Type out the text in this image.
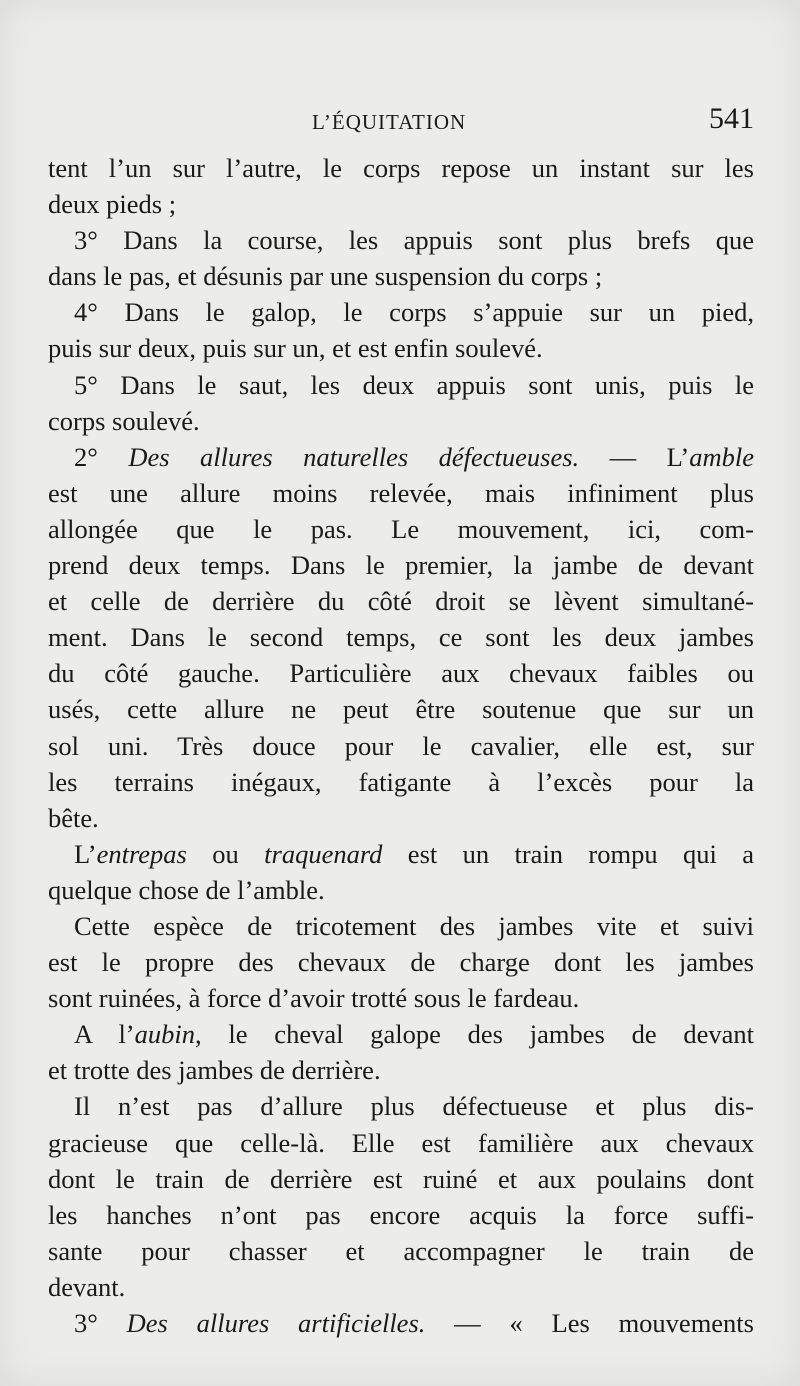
L’ÉQUITATION	541
tent l’un sur l’autre, le corps repose un instant sur les
deux pieds ;
3° Dans la course, les appuis sont plus brefs que
dans le pas, et désunis par une suspension du corps ;
4° Dans le galop, le corps s’appuie sur un pied,
puis sur deux, puis sur un, et est enfin soulevé.
5° Dans le saut, les deux appuis sont unis, puis le
corps soulevé.
2° Des allures naturelles défectueuses. — L’amble
est une allure moins relevée, mais infiniment plus
allongée que le pas. Le mouvement, ici, com-
prend deux temps. Dans le premier, la jambe de devant
et celle de derrière du côté droit se lèvent simultané-
ment. Dans le second temps, ce sont les deux jambes
du côté gauche. Particulière aux chevaux faibles ou
usés, cette allure ne peut être soutenue que sur un
sol uni. Très douce pour le cavalier, elle est, sur
les terrains inégaux, fatigante à l’excès pour la
bête.
L’entrepas ou traquenard est un train rompu qui a
quelque chose de l’amble.
Cette espèce de tricotement des jambes vite et suivi
est le propre des chevaux de charge dont les jambes
sont ruinées, à force d’avoir trotté sous le fardeau.
A l’aubin, le cheval galope des jambes de devant
et trotte des jambes de derrière.
Il n’est pas d’allure plus défectueuse et plus dis-
gracieuse que celle-là. Elle est familière aux chevaux
dont le train de derrière est ruiné et aux poulains dont
les hanches n’ont pas encore acquis la force suffi-
sante pour chasser et accompagner le train de
devant.
3° Des allures artificielles. — « Les mouvements
